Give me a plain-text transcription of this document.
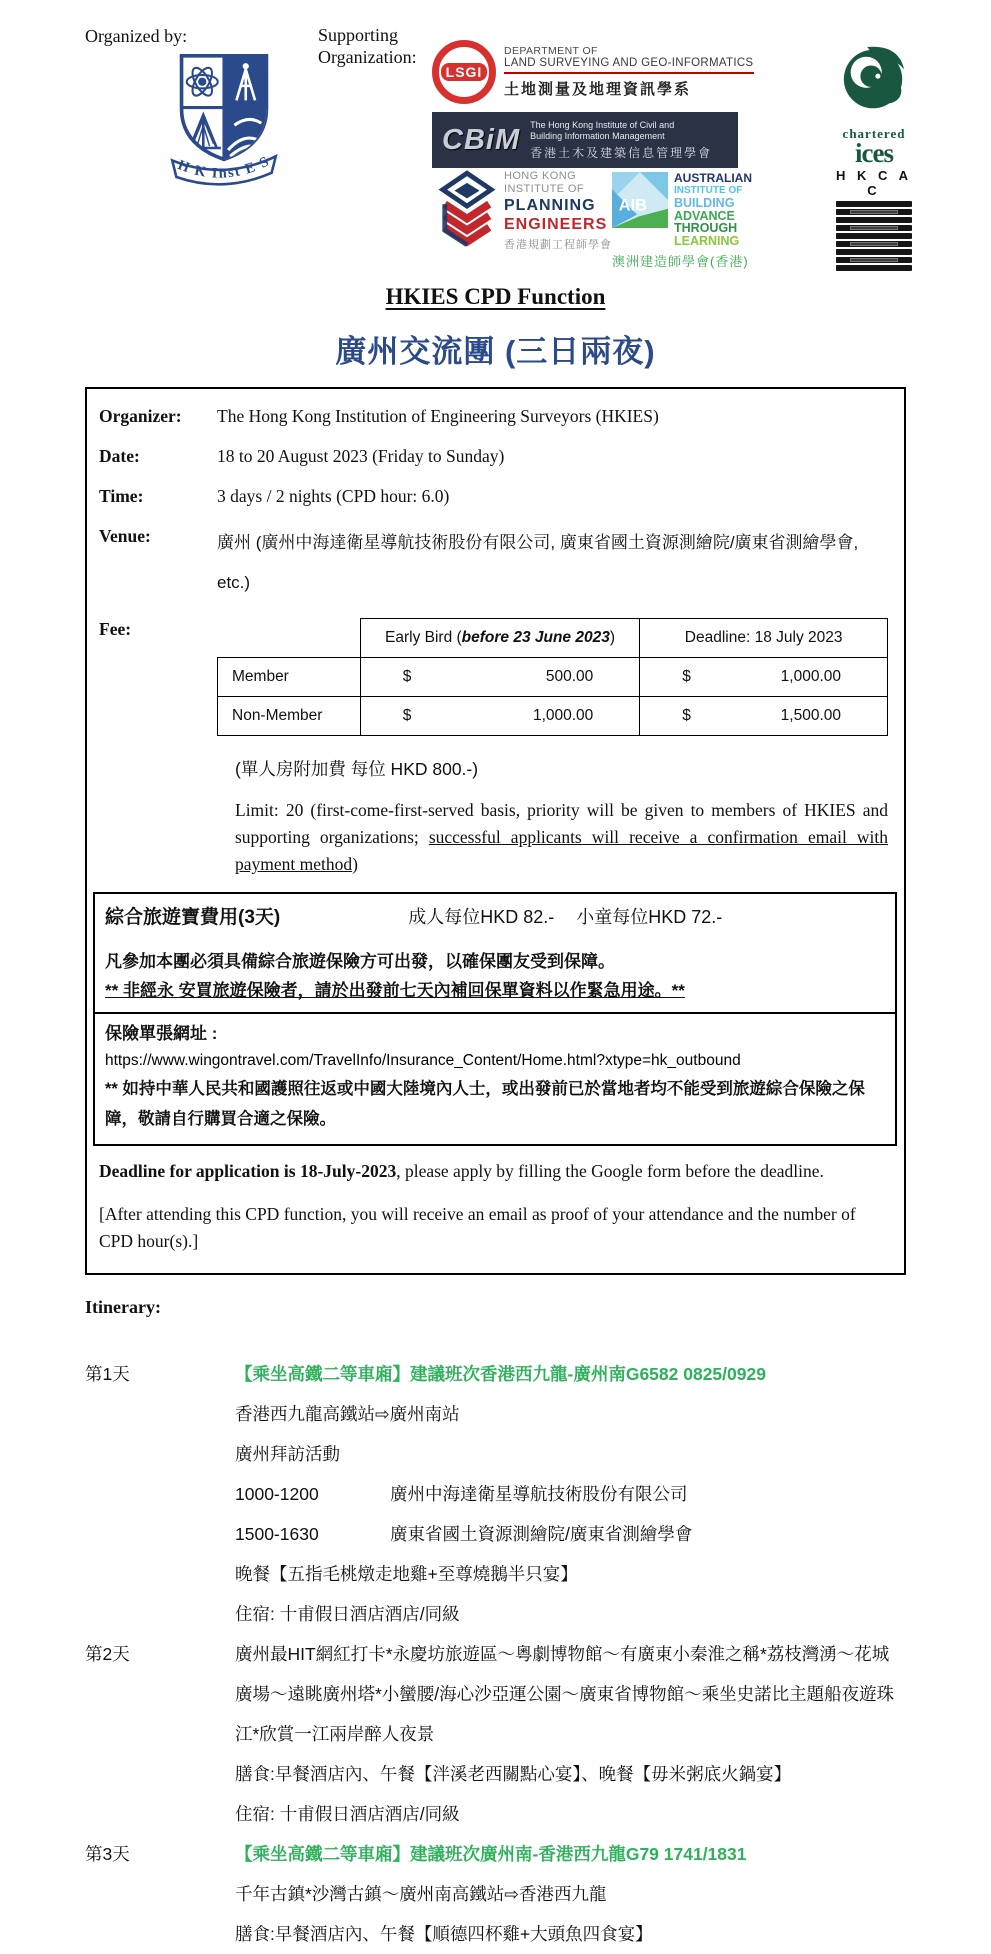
Organized by:	Supporting Organization:
H K Inst E S
LSGI
DEPARTMENT OF
LAND SURVEYING AND GEO-INFORMATICS
土地測量及地理資訊學系
CBiM The Hong Kong Institute of Civil and
Building Information Management
香港土木及建築信息管理學會
HONG KONG
INSTITUTE OF
PLANNING
ENGINEERS
香港規劃工程師學會
AIB
AUSTRALIAN
INSTITUTE OF
BUILDING
ADVANCE
THROUGH
LEARNING
澳洲建造師學會(香港)
chartered
ices
H K C A C
HKIES CPD Function
廣州交流團 (三日兩夜)
Organizer:	The Hong Kong Institution of Engineering Surveyors (HKIES)
Date:	18 to 20 August 2023 (Friday to Sunday)
Time:	3 days / 2 nights (CPD hour: 6.0)
Venue:	廣州 (廣州中海達衛星導航技術股份有限公司, 廣東省國土資源測繪院/廣東省測繪學會, etc.)
Fee:
		Early Bird (before 23 June 2023)	Deadline: 18 July 2023
Member	$ 500.00	$ 1,000.00

Non-Member	$ 1,000.00	$ 1,500.00
(單人房附加費 每位 HKD 800.-)

Limit: 20 (first-come-first-served basis, priority will be given to members of HKIES and supporting organizations; successful applicants will receive a confirmation email with payment method)

綜合旅遊寶費用(3天)	成人每位HKD 82.- 小童每位HKD 72.-
凡參加本團必須具備綜合旅遊保險方可出發，以確保團友受到保障。
** 非經永 安買旅遊保險者，請於出發前七天內補回保單資料以作緊急用途。**
保險單張網址 :
https://www.wingontravel.com/TravelInfo/Insurance_Content/Home.html?xtype=hk_outbound
** 如持中華人民共和國護照往返或中國大陸境內人士，或出發前已於當地者均不能受到旅遊綜合保險之保障，敬請自行購買合適之保險。

Deadline for application is 18-July-2023, please apply by filling the Google form before the deadline.

[After attending this CPD function, you will receive an email as proof of your attendance and the number of CPD hour(s).]

Itinerary:
第1天	【乘坐高鐵二等車廂】建議班次香港西九龍-廣州南G6582 0825/0929
香港西九龍高鐵站⇨廣州南站
廣州拜訪活動
1000-1200	廣州中海達衛星導航技術股份有限公司
1500-1630	廣東省國土資源測繪院/廣東省測繪學會
晚餐【五指毛桃燉走地雞+至尊燒鵝半只宴】
住宿: 十甫假日酒店酒店/同級
第2天	廣州最HIT網紅打卡*永慶坊旅遊區～粵劇博物館～有廣東小秦淮之稱*荔枝灣湧～花城廣場～遠眺廣州塔*小蠻腰/海心沙亞運公園～廣東省博物館～乘坐史諾比主題船夜遊珠江*欣賞一江兩岸醉人夜景
膳食:早餐酒店內、午餐【泮溪老西關點心宴】、晚餐【毋米粥底火鍋宴】
住宿: 十甫假日酒店酒店/同級
第3天	【乘坐高鐵二等車廂】建議班次廣州南-香港西九龍G79 1741/1831
千年古鎮*沙灣古鎮～廣州南高鐵站⇨香港西九龍
膳食:早餐酒店內、午餐【順德四杯雞+大頭魚四食宴】
